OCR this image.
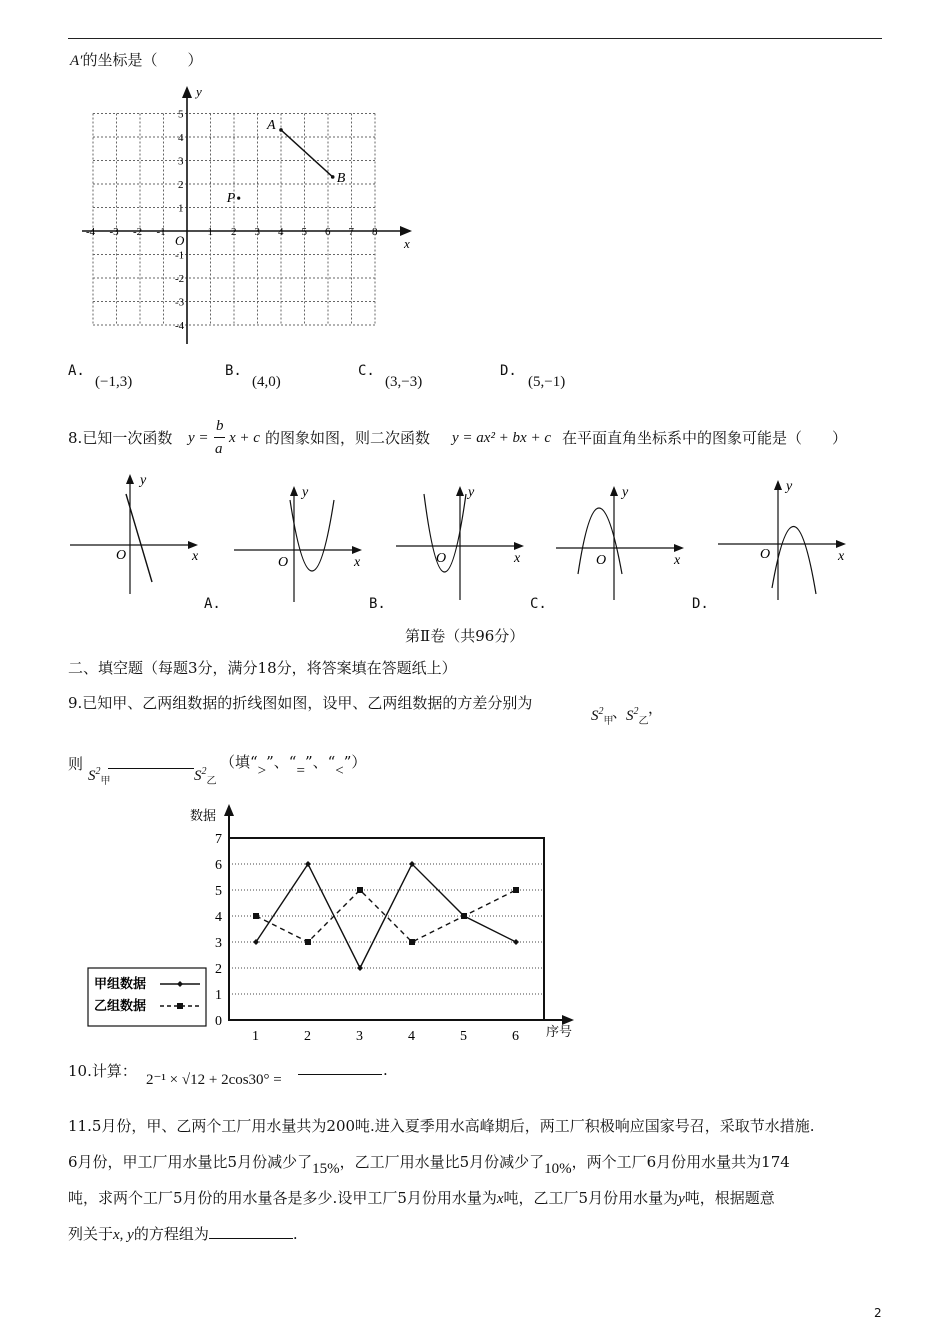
A′的坐标是（　　）
x
y
O
-4 -3 -2 -1	1 2 3 4 5 6 7 8
5
4
3
2
1
-1
-2
-3
-4
A
B
P
A.
(−1,3)
B.
(4,0)
C.
(3,−3)
D.
(5,−1)
8.已知一次函数 y =
b
a
x + c 的图象如图，则二次函数 y = ax² + bx + c 在平面直角坐标系中的图象可能是（　　）
y
x
O
y
x
O
y
x
O
y
x
O
y
x
O
A.	B.	C.	D.
第Ⅱ卷（共96分）
二、填空题（每题3分，满分18分，将答案填在答题纸上）
9.已知甲、乙两组数据的折线图如图，设甲、乙两组数据的方差分别为
$S^2_甲$
、
$S^2_乙$
，
则
$S^2_甲$	$S^2_乙$
（填“>”、“=”、“<”）
数据
序号
0
1
2
3
4
5
6
7
1	2	3	4	5	6
甲组数据
乙组数据
10.计算： 2⁻¹ × √12 + 2cos30° =
.
11.5月份，甲、乙两个工厂用水量共为200吨.进入夏季用水高峰期后，两工厂积极响应国家号召，采取节水措施.
6月份，甲工厂用水量比5月份减少了15%，乙工厂用水量比5月份减少了10%，两个工厂6月份用水量共为174
吨，求两个工厂5月份的用水量各是多少.设甲工厂5月份用水量为x吨，乙工厂5月份用水量为y吨，根据题意
列关于x, y的方程组为	.
2
